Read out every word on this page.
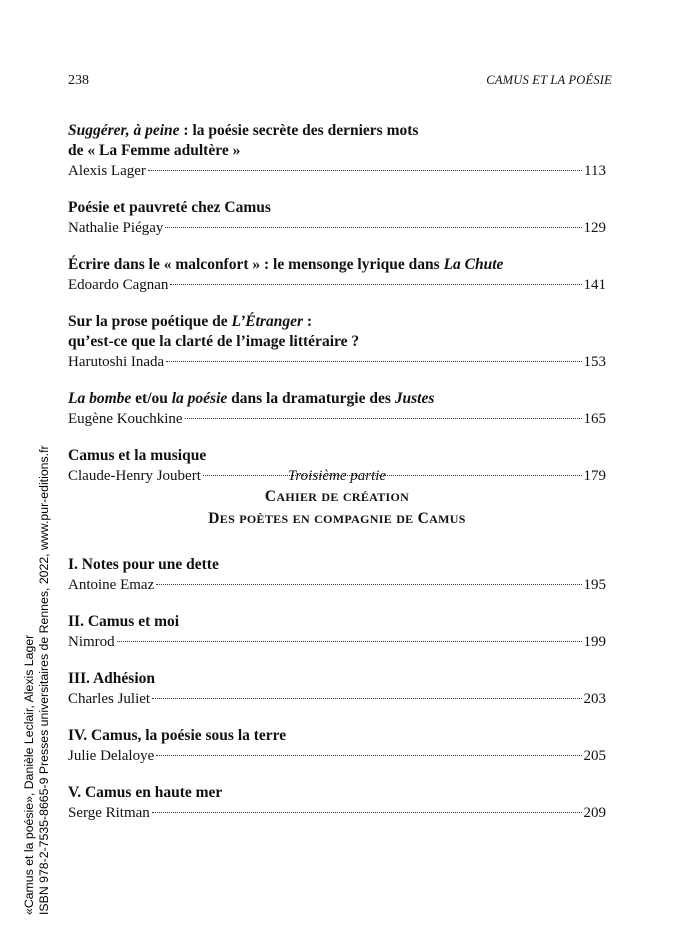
238	CAMUS ET LA POÉSIE
Suggérer, à peine : la poésie secrète des derniers mots
de « La Femme adultère »
Alexis Lager	113
Poésie et pauvreté chez Camus
Nathalie Piégay	129
Écrire dans le « malconfort » : le mensonge lyrique dans La Chute
Edoardo Cagnan	141
Sur la prose poétique de L’Étranger :
qu’est-ce que la clarté de l’image littéraire ?
Harutoshi Inada	153
La bombe et/ou la poésie dans la dramaturgie des Justes
Eugène Kouchkine	165
Camus et la musique
Claude-Henry Joubert	179
Troisième partie
CAHIER DE CRÉATION
DES POÈTES EN COMPAGNIE DE CAMUS
I. Notes pour une dette
Antoine Emaz	195
II. Camus et moi
Nimrod	199
III. Adhésion
Charles Juliet	203
IV. Camus, la poésie sous la terre
Julie Delaloye	205
V. Camus en haute mer
Serge Ritman	209
«Camus et la poésie», Danièle Leclair, Alexis Lager ISBN 978-2-7535-8665-9 Presses universitaires de Rennes, 2022, www.pur-editions.fr
